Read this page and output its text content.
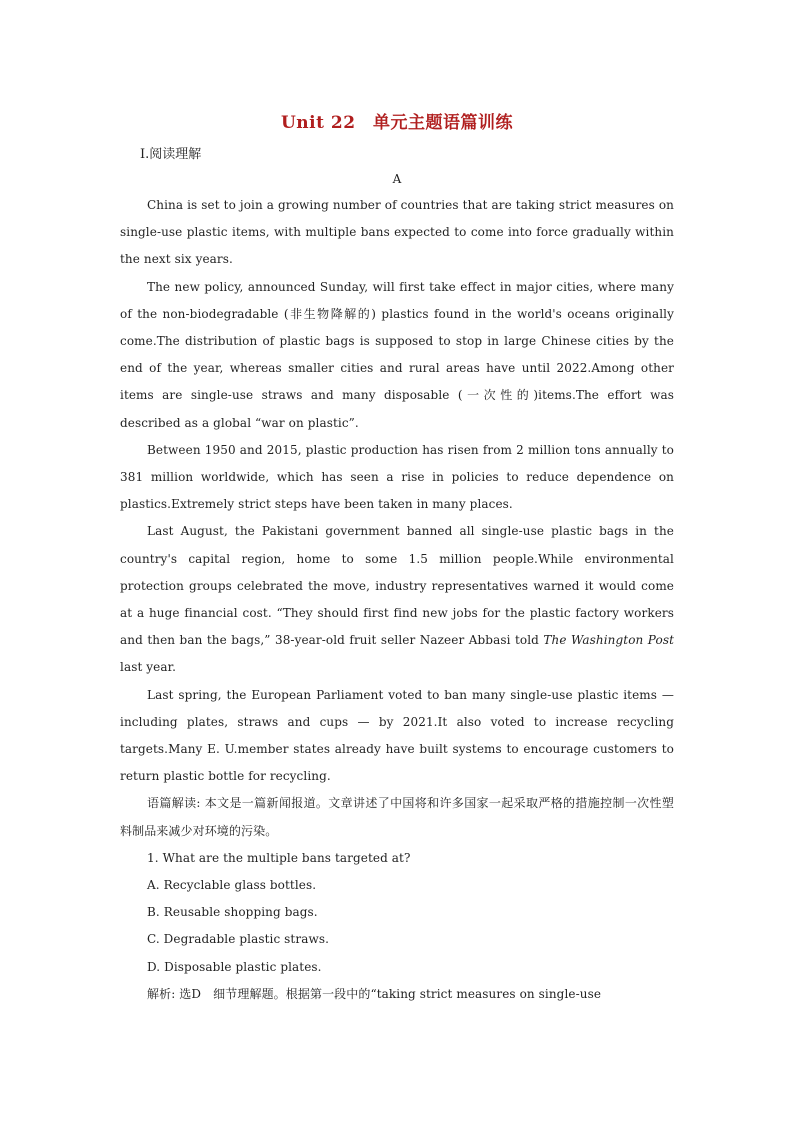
Unit 22　单元主题语篇训练
Ⅰ.阅读理解
A

China is set to join a growing number of countries that are taking strict measures on single-use plastic items, with multiple bans expected to come into force gradually within the next six years.

The new policy, announced Sunday, will first take effect in major cities, where many of the non-biodegradable (非生物降解的) plastics found in the world's oceans originally come.The distribution of plastic bags is supposed to stop in large Chinese cities by the end of the year, whereas smaller cities and rural areas have until 2022.Among other items are single-use straws and many disposable (一次性的)items.The effort was described as a global “war on plastic”.

Between 1950 and 2015, plastic production has risen from 2 million tons annually to 381 million worldwide, which has seen a rise in policies to reduce dependence on plastics.Extremely strict steps have been taken in many places.

Last August, the Pakistani government banned all single-use plastic bags in the country's capital region, home to some 1.5 million people.While environmental protection groups celebrated the move, industry representatives warned it would come at a huge financial cost. “They should first find new jobs for the plastic factory workers and then ban the bags,” 38-year-old fruit seller Nazeer Abbasi told The Washington Post last year.

Last spring, the European Parliament voted to ban many single-use plastic items — including plates, straws and cups — by 2021.It also voted to increase recycling targets.Many E. U.member states already have built systems to encourage customers to return plastic bottle for recycling.

语篇解读: 本文是一篇新闻报道。文章讲述了中国将和许多国家一起采取严格的措施控制一次性塑料制品来减少对环境的污染。

1. What are the multiple bans targeted at?

A. Recyclable glass bottles.

B. Reusable shopping bags.

C. Degradable plastic straws.

D. Disposable plastic plates.

解析: 选D　细节理解题。根据第一段中的“taking strict measures on single-use
